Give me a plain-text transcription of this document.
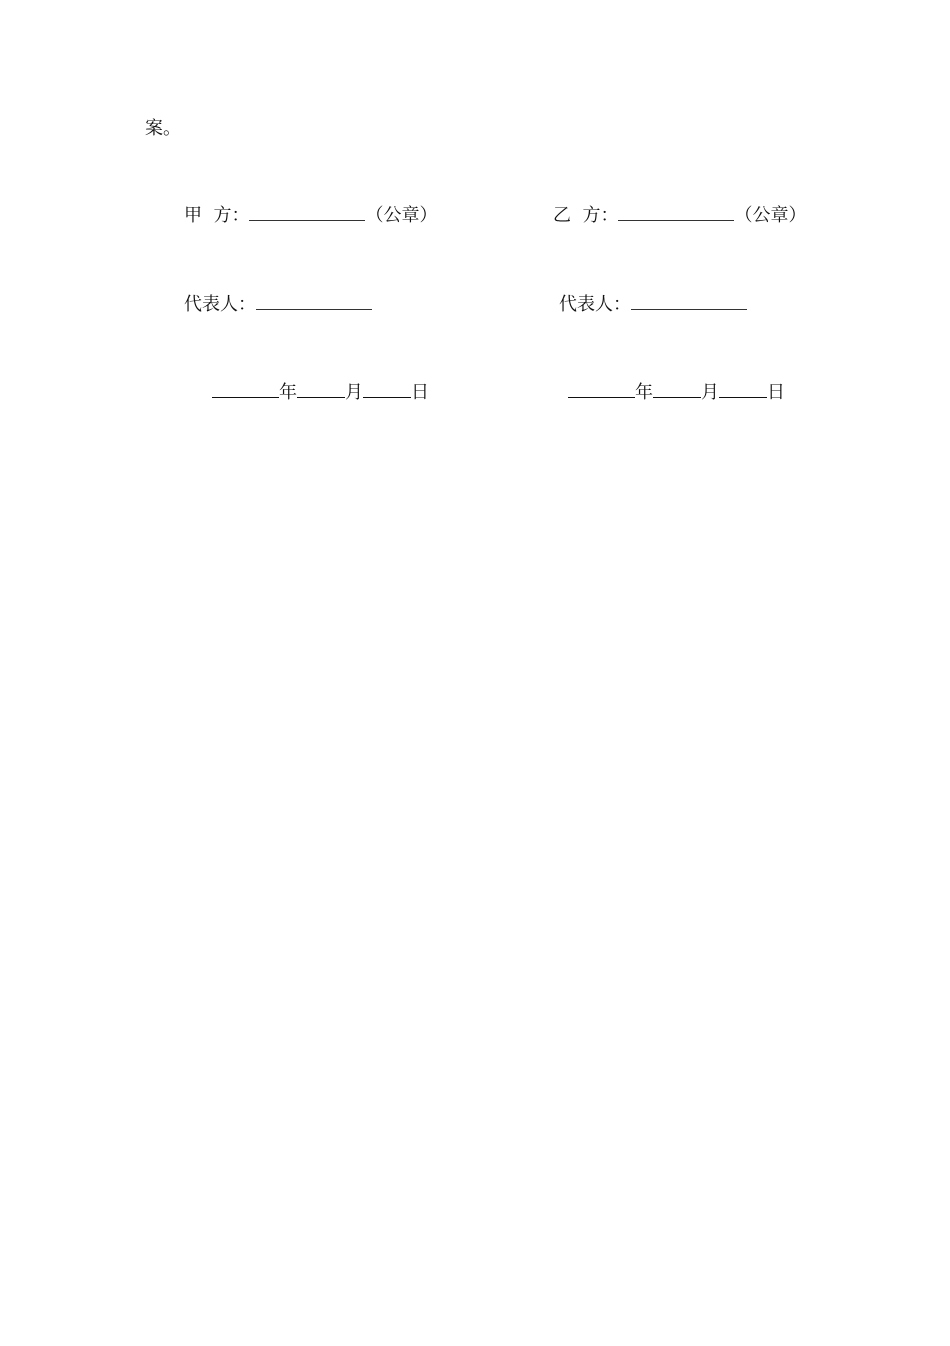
案。
甲  方：	（公章）	乙  方：	（公章）
代表人：	代表人：
年	月	日	年	月	日
